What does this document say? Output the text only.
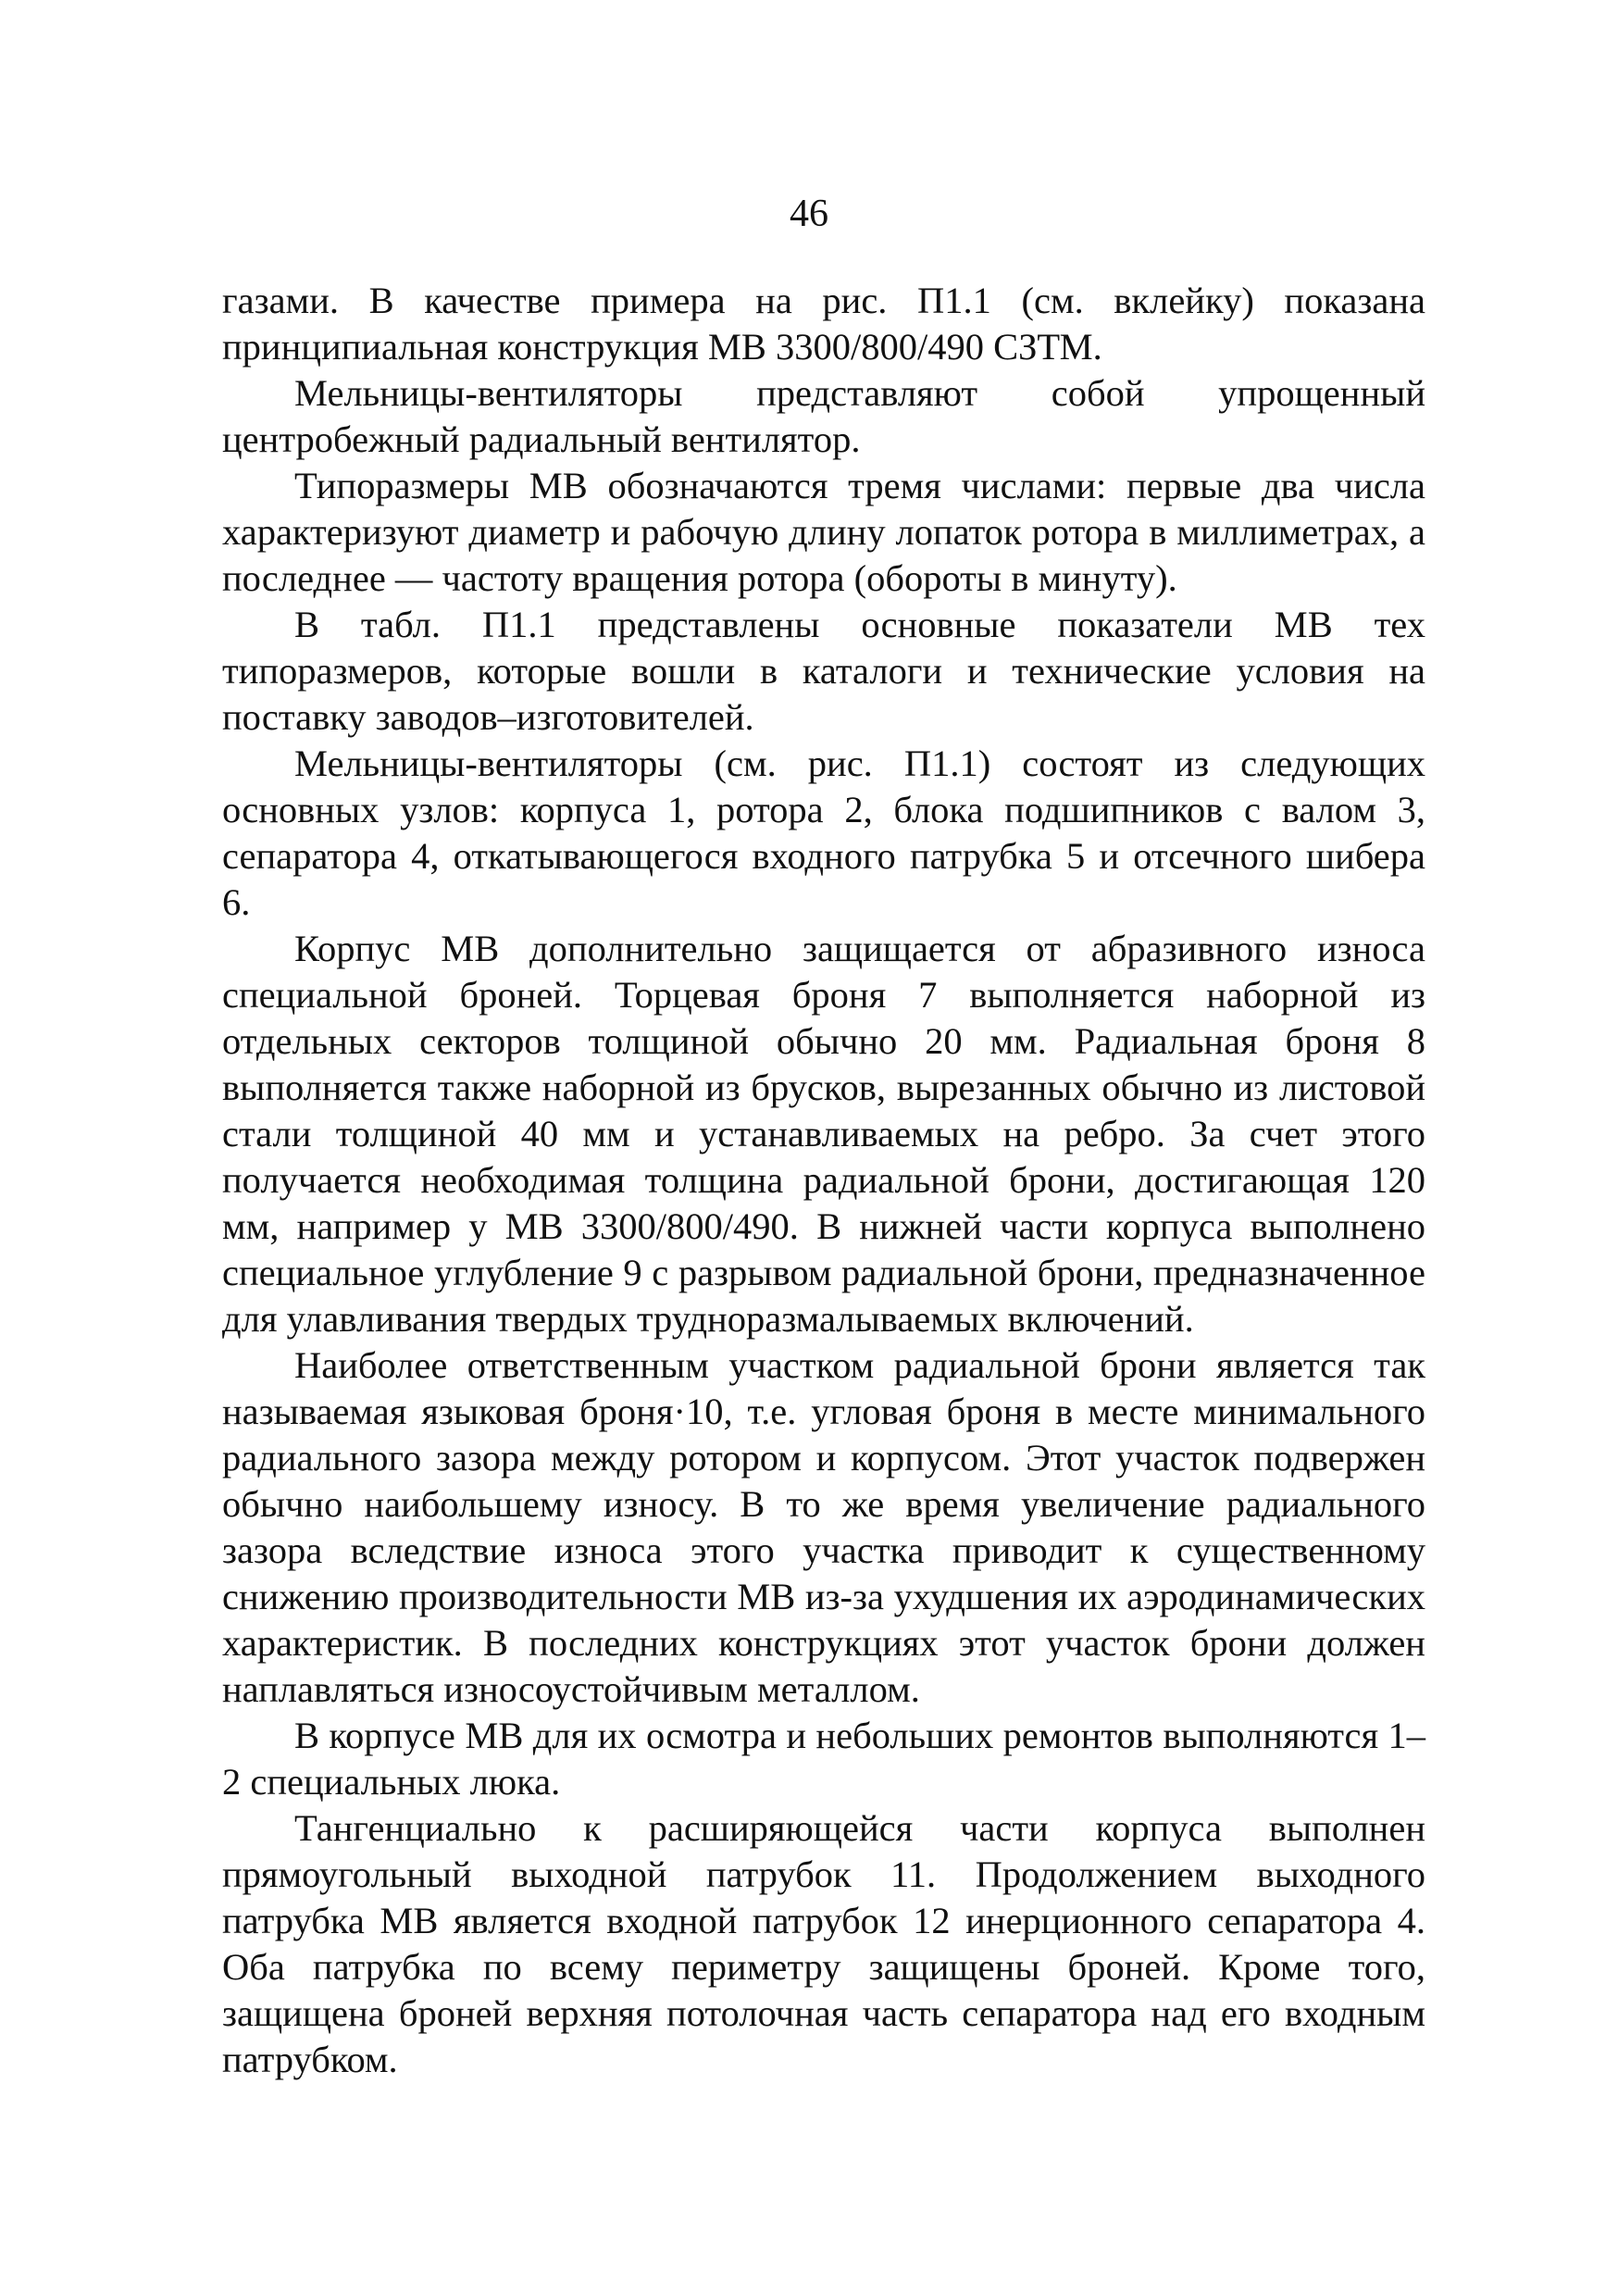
46

газами. В качестве примера на рис. П1.1 (см. вклейку) показана принципиальная конструкция МВ 3300/800/490 СЗТМ.

Мельницы-вентиляторы представляют собой упрощенный центробежный радиальный вентилятор.

Типоразмеры МВ обозначаются тремя числами: первые два числа характеризуют диаметр и рабочую длину лопаток ротора в миллиметрах, а последнее — частоту вращения ротора (обороты в минуту).

В табл. П1.1 представлены основные показатели МВ тех типоразмеров, которые вошли в каталоги и технические условия на поставку заводов–изготовителей.

Мельницы-вентиляторы (см. рис. П1.1) состоят из следующих основных узлов: корпуса 1, ротора 2, блока подшипников с валом 3, сепаратора 4, откатывающегося входного патрубка 5 и отсечного шибера 6.

Корпус МВ дополнительно защищается от абразивного износа специальной броней. Торцевая броня 7 выполняется наборной из отдельных секторов толщиной обычно 20 мм. Радиальная броня 8 выполняется также наборной из брусков, вырезанных обычно из листовой стали толщиной 40 мм и устанавливаемых на ребро. За счет этого получается необходимая толщина радиальной брони, достигающая 120 мм, например у МВ 3300/800/490. В нижней части корпуса выполнено специальное углубление 9 с разрывом радиальной брони, предназначенное для улавливания твердых трудноразмалываемых включений.

Наиболее ответственным участком радиальной брони является так называемая языковая броня·10, т.е. угловая броня в месте минимального радиального зазора между ротором и корпусом. Этот участок подвержен обычно наибольшему износу. В то же время увеличение радиального зазора вследствие износа этого участка приводит к существенному снижению производительности МВ из-за ухудшения их аэродинамических характеристик. В последних конструкциях этот участок брони должен наплавляться износоустойчивым металлом.

В корпусе МВ для их осмотра и небольших ремонтов выполняются 1–2 специальных люка.

Тангенциально к расширяющейся части корпуса выполнен прямоугольный выходной патрубок 11. Продолжением выходного патрубка МВ является входной патрубок 12 инерционного сепаратора 4. Оба патрубка по всему периметру защищены броней. Кроме того, защищена броней верхняя потолочная часть сепаратора над его входным патрубком.
